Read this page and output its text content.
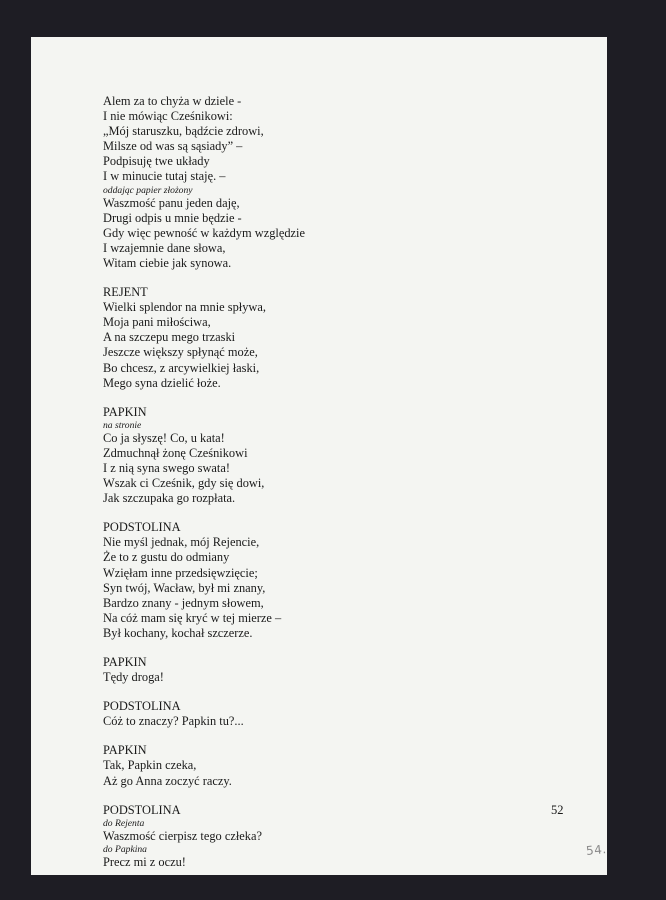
Alem za to chyża w dziele -
I nie mówiąc Cześnikowi:
„Mój staruszku, bądźcie zdrowi,
Milsze od was są sąsiady” –
Podpisuję twe układy
I w minucie tutaj staję. –
oddając papier złożony
Waszmość panu jeden daję,
Drugi odpis u mnie będzie -
Gdy więc pewność w każdym względzie
I wzajemnie dane słowa,
Witam ciebie jak synowa.
REJENT
Wielki splendor na mnie spływa,
Moja pani miłościwa,
A na szczepu mego trzaski
Jeszcze większy spłynąć może,
Bo chcesz, z arcywielkiej łaski,
Mego syna dzielić łoże.
PAPKIN
na stronie
Co ja słyszę! Co, u kata!
Zdmuchnął żonę Cześnikowi
I z nią syna swego swata!
Wszak ci Cześnik, gdy się dowi,
Jak szczupaka go rozpłata.
PODSTOLINA
Nie myśl jednak, mój Rejencie,
Że to z gustu do odmiany
Wzięłam inne przedsięwzięcie;
Syn twój, Wacław, był mi znany,
Bardzo znany - jednym słowem,
Na cóż mam się kryć w tej mierze –
Był kochany, kochał szczerze.
PAPKIN
Tędy droga!
PODSTOLINA
Cóż to znaczy? Papkin tu?...
PAPKIN
Tak, Papkin czeka,
Aż go Anna zoczyć raczy.
PODSTOLINA
do Rejenta
Waszmość cierpisz tego człeka?
do Papkina
Precz mi z oczu!
52
54.
